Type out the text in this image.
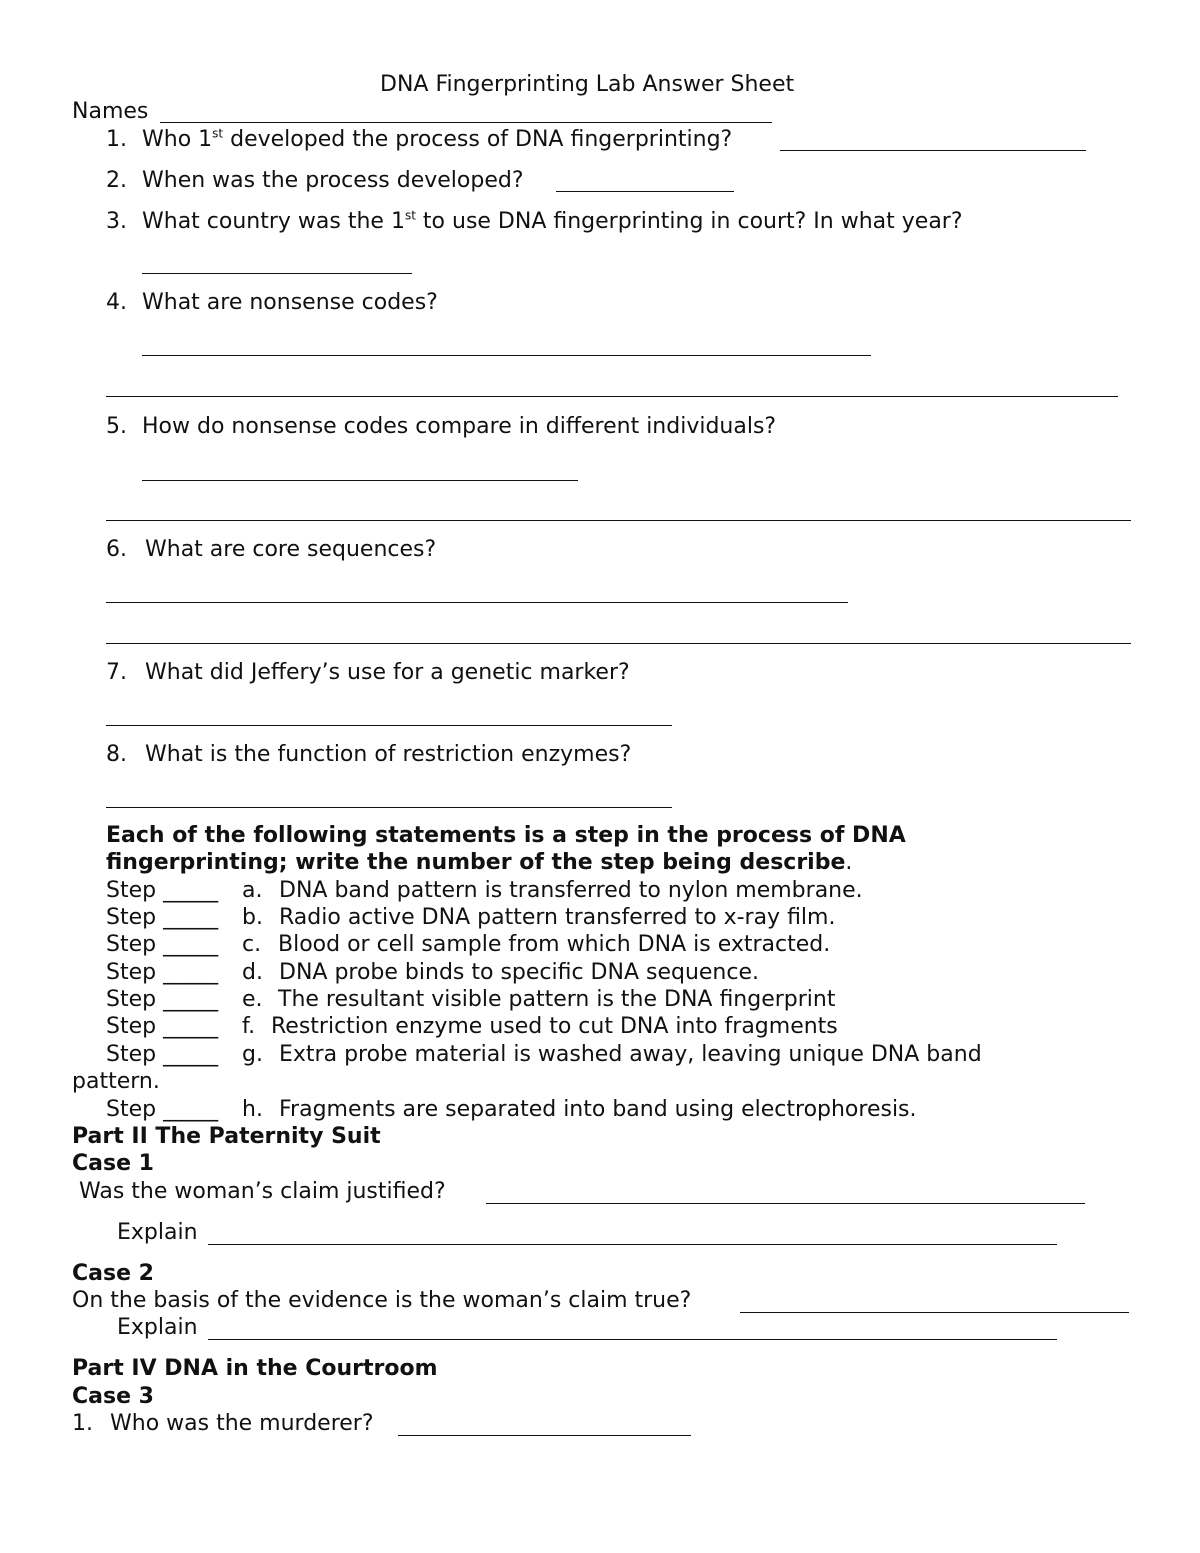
DNA Fingerprinting Lab Answer Sheet
Names
1. Who 1st developed the process of DNA fingerprinting?
2. When was the process developed?
3. What country was the 1st to use DNA fingerprinting in court? In what year?
4. What are nonsense codes?
5. How do nonsense codes compare in different individuals?
6. What are core sequences?
7. What did Jeffery’s use for a genetic marker?
8. What is the function of restriction enzymes?
Each of the following statements is a step in the process of DNA
fingerprinting; write the number of the step being describe.
Step _____ a. DNA band pattern is transferred to nylon membrane.
Step _____ b. Radio active DNA pattern transferred to x-ray film.
Step _____ c. Blood or cell sample from which DNA is extracted.
Step _____ d. DNA probe binds to specific DNA sequence.
Step _____ e. The resultant visible pattern is the DNA fingerprint
Step _____ f. Restriction enzyme used to cut DNA into fragments
Step _____ g. Extra probe material is washed away, leaving unique DNA band
pattern.
Step _____ h. Fragments are separated into band using electrophoresis.
Part II The Paternity Suit
Case 1
Was the woman’s claim justified?
Explain
Case 2
On the basis of the evidence is the woman’s claim true?
Explain
Part IV DNA in the Courtroom
Case 3
1. Who was the murderer?
